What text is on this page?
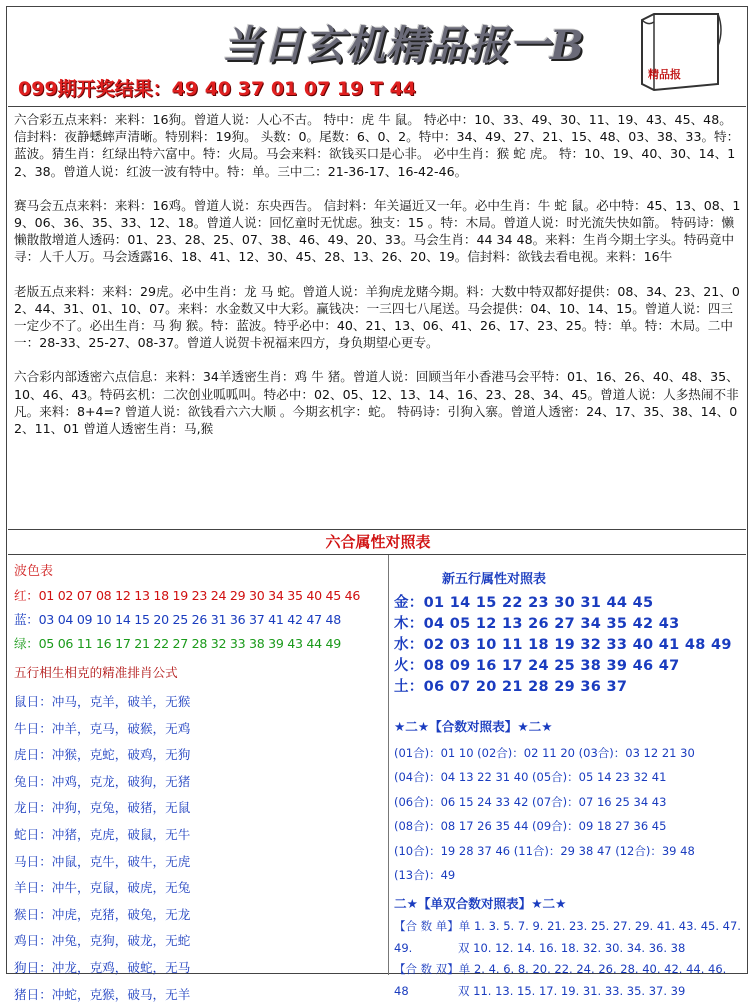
当日玄机精品报一B
精品报
099期开奖结果：49 40 37 01 07 19 T 44

六合彩五点来料：来料：16狗。曾道人说：人心不古。 特中：虎 牛 鼠。 特必中：10、33、49、30、11、19、43、45、48。 信封料：夜静蟋蟀声清晰。特别料：19狗。 头数：0。尾数：6、0、2。特中：34、49、27、21、15、48、03、38、33。特：蓝波。猜生肖：红绿出特六富中。特：火局。马会来料：欲钱买口是心非。 必中生肖：猴 蛇 虎。 特：10、19、40、30、14、12、38。曾道人说：红波一波有特中。特：单。三中二：21-36-17、16-42-46。

赛马会五点来料：来料：16鸡。曾道人说：东央西告。 信封料：年关逼近又一年。必中生肖：牛 蛇 鼠。必中特：45、13、08、19、06、36、35、33、12、18。曾道人说：回忆童时无忧虑。独支：15 。特：木局。曾道人说：时光流失快如箭。 特码诗：懒懒散散增道人透码：01、23、28、25、07、38、46、49、20、33。马会生肖：44 34 48。来料：生肖今期土字头。特码竟中寻：人千人万。马会透露16、18、41、12、30、45、28、13、26、20、19。信封料：欲钱去看电视。来料：16牛

老版五点来料：来料：29虎。必中生肖：龙 马 蛇。曾道人说：羊狗虎龙赌今期。料：大数中特双都好提供：08、34、23、21、02、44、31、01、10、07。来料：水金数又中大彩。赢钱决：一三四七八尾送。马会提供：04、10、14、15。曾道人说：四三一定少不了。必出生肖：马 狗 猴。特：蓝波。特乎必中：40、21、13、06、41、26、17、23、25。特：单。特：木局。二中一：28-33、25-27、08-37。曾道人说贺卡祝福来四方，身负期望心更专。

六合彩内部透密六点信息：来料：34羊透密生肖：鸡 牛 猪。曾道人说：回顾当年小香港马会平特：01、16、26、40、48、35、10、46、43。特码玄机：二次创业呱呱叫。特必中：02、05、12、13、14、16、23、28、34、45。曾道人说：人多热闹不非凡。来料：8+4=? 曾道人说：欲钱看六六大顺 。今期玄机字：蛇。 特码诗：引狗入寨。曾道人透密：24、17、35、38、14、02、11、01 曾道人透密生肖：马,猴

六合属性对照表
波色表
红：01 02 07 08 12 13 18 19 23 24 29 30 34 35 40 45 46
蓝：03 04 09 10 14 15 20 25 26 31 36 37 41 42 47 48
绿：05 06 11 16 17 21 22 27 28 32 33 38 39 43 44 49
五行相生相克的精准排肖公式
鼠日：冲马，克羊，破羊，无猴
牛日：冲羊，克马，破猴，无鸡
虎日：冲猴，克蛇，破鸡，无狗
兔日：冲鸡，克龙，破狗，无猪
龙日：冲狗，克兔，破猪，无鼠
蛇日：冲猪，克虎，破鼠，无牛
马日：冲鼠，克牛，破牛，无虎
羊日：冲牛，克鼠，破虎，无兔
猴日：冲虎，克猪，破兔，无龙
鸡日：冲兔，克狗，破龙，无蛇
狗日：冲龙，克鸡，破蛇，无马
猪日：冲蛇，克猴，破马，无羊
新五行属性对照表
金：01 14 15 22 23 30 31 44 45
木：04 05 12 13 26 27 34 35 42 43
水：02 03 10 11 18 19 32 33 40 41 48 49
火：08 09 16 17 24 25 38 39 46 47
土：06 07 20 21 28 29 36 37
★二★【合数对照表】★二★
(01合)：01 10 (02合)：02 11 20 (03合)：03 12 21 30
(04合)：04 13 22 31 40 (05合)：05 14 23 32 41
(06合)：06 15 24 33 42 (07合)：07 16 25 34 43
(08合)：08 17 26 35 44 (09合)：09 18 27 36 45
(10合)：19 28 37 46 (11合)：29 38 47 (12合)：39 48
(13合)：49
二★【单双合数对照表】★二★
【合 数 单】单 1. 3. 5. 7. 9. 21. 23. 25. 27. 29. 41. 43. 45. 47. 49.	双 10. 12. 14. 16. 18. 32. 30. 34. 36. 38
【合 数 双】单 2. 4. 6. 8. 20. 22. 24. 26. 28. 40. 42. 44. 46. 48	双 11. 13. 15. 17. 19. 31. 33. 35. 37. 39
